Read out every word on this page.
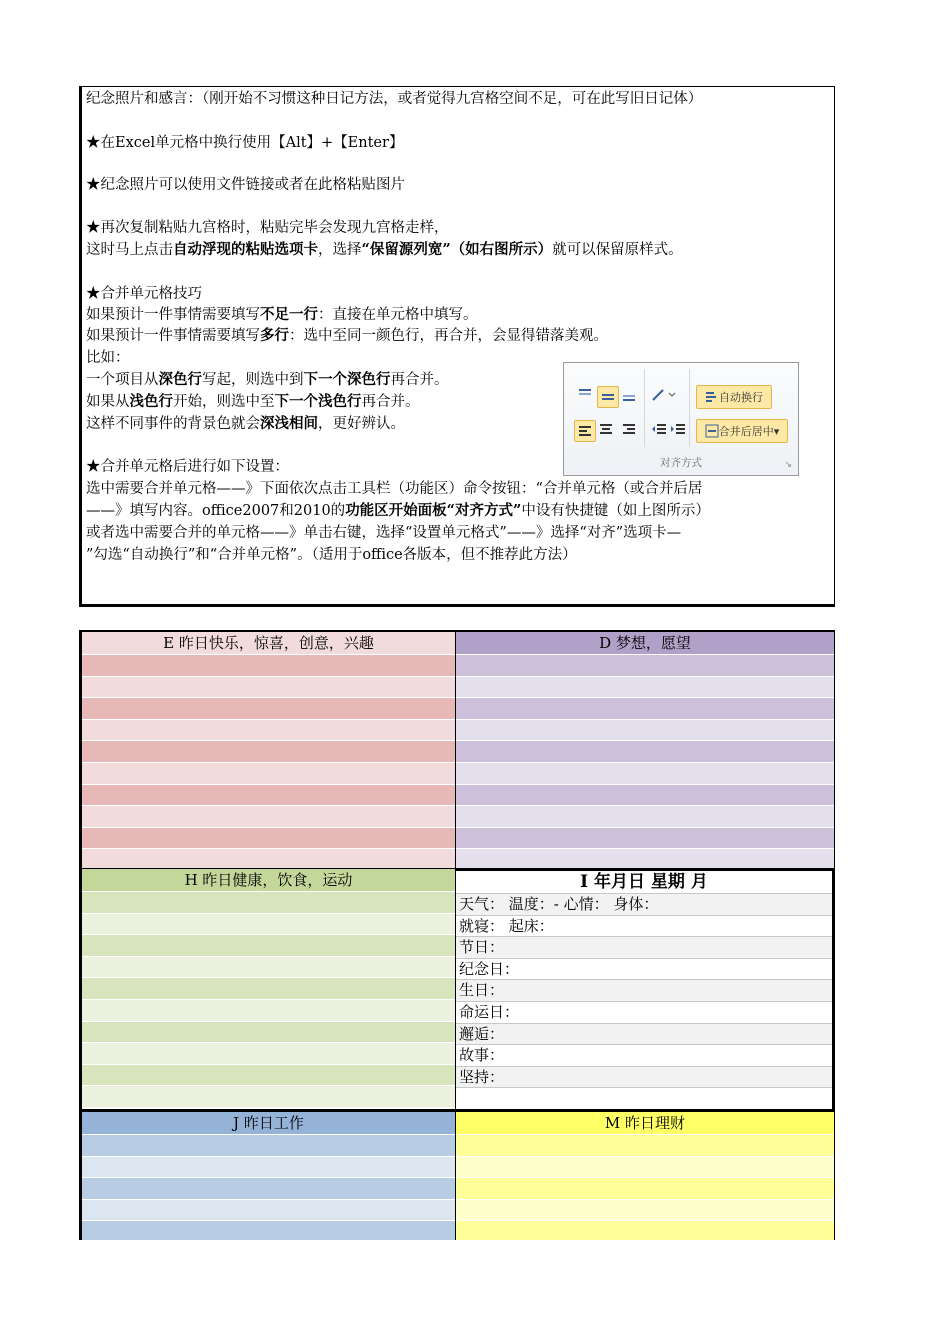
纪念照片和感言：（刚开始不习惯这种日记方法，或者觉得九宫格空间不足，可在此写旧日记体）
★在Excel单元格中换行使用【Alt】+【Enter】
★纪念照片可以使用文件链接或者在此格粘贴图片
★再次复制粘贴九宫格时，粘贴完毕会发现九宫格走样，
这时马上点击自动浮现的粘贴选项卡，选择“保留源列宽”（如右图所示）就可以保留原样式。
★合并单元格技巧
如果预计一件事情需要填写不足一行：直接在单元格中填写。
如果预计一件事情需要填写多行：选中至同一颜色行，再合并，会显得错落美观。
比如：
一个项目从深色行写起，则选中到下一个深色行再合并。
如果从浅色行开始，则选中至下一个浅色行再合并。
这样不同事件的背景色就会深浅相间，更好辨认。
★合并单元格后进行如下设置：
选中需要合并单元格——》下面依次点击工具栏（功能区）命令按钮：“合并单元格（或合并后居
——》填写内容。office2007和2010的功能区开始面板“对齐方式”中设有快捷键（如上图所示）
或者选中需要合并的单元格——》单击右键，选择“设置单元格式”——》选择“对齐”选项卡—
”勾选“自动换行”和“合并单元格”。（适用于office各版本，但不推荐此方法）
自动换行
合并后居中 ▾
对齐方式	↘
E 昨日快乐，惊喜，创意，兴趣	D 梦想，愿望
H 昨日健康，饮食，运动	I 年月日 星期 月
天气： 温度：- 心情： 身体：
就寝： 起床：
节日：
纪念日：
生日：
命运日：
邂逅：
故事：
坚持：
J 昨日工作	M 昨日理财
